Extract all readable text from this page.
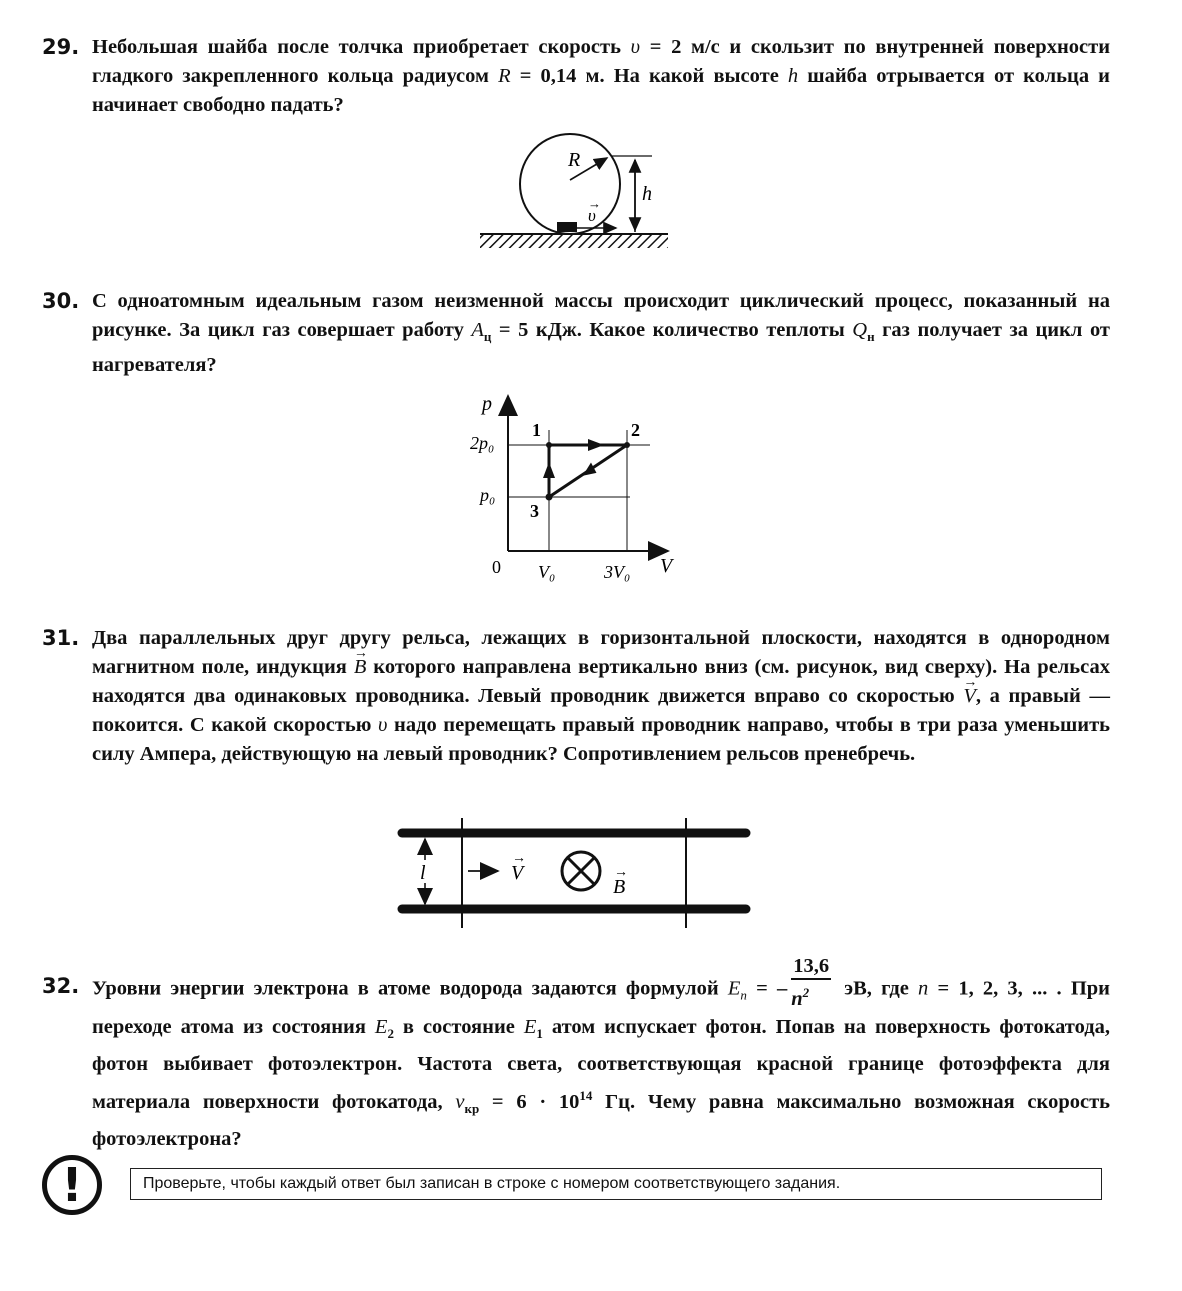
29. Небольшая шайба после толчка приобретает скорость υ = 2 м/с и скользит по внутренней поверхности гладкого закрепленного кольца радиусом R = 0,14 м. На какой высоте h шайба отрывается от кольца и начинает свободно падать?
R
υ
→ h
30. С одноатомным идеальным газом неизменной массы происходит циклический процесс, показанный на рисунке. За цикл газ совершает работу $A_ц = 5$ кДж. Какое количество теплоты $Q_н$ газ получает за цикл от нагревателя?
p
V
0
2p₀
p₀
V₀	3V₀
1	2
3
31. Два параллельных друг другу рельса, лежащих в горизонтальной плоскости, находятся в однородном магнитном поле, индукция → B которого направлена вертикально вниз (см. рисунок, вид сверху). На рельсах находятся два одинаковых проводника. Левый проводник движется вправо со скоростью → V, а правый — покоится. С какой скоростью υ надо перемещать правый проводник направо, чтобы в три раза уменьшить силу Ампера, действующую на левый проводник? Сопротивлением рельсов пренебречь.
l	V
→
B
→
32. Уровни энергии электрона в атоме водорода задаются формулой $E_n$ = – $\frac{13,6}{n^2}$ эВ, где n = 1, 2, 3, ... . При переходе атома из состояния $E_2$ в состояние $E_1$ атом испускает фотон. Попав на поверхность фотокатода, фотон выбивает фотоэлектрон. Частота света, соответствующая красной границе фотоэффекта для материала поверхности фотокатода, $\nu_{кр} = 6 \cdot 10^{14}$ Гц. Чему равна максимально возможная скорость фотоэлектрона?
!	Проверьте, чтобы каждый ответ был записан в строке с номером соответствующего задания.
